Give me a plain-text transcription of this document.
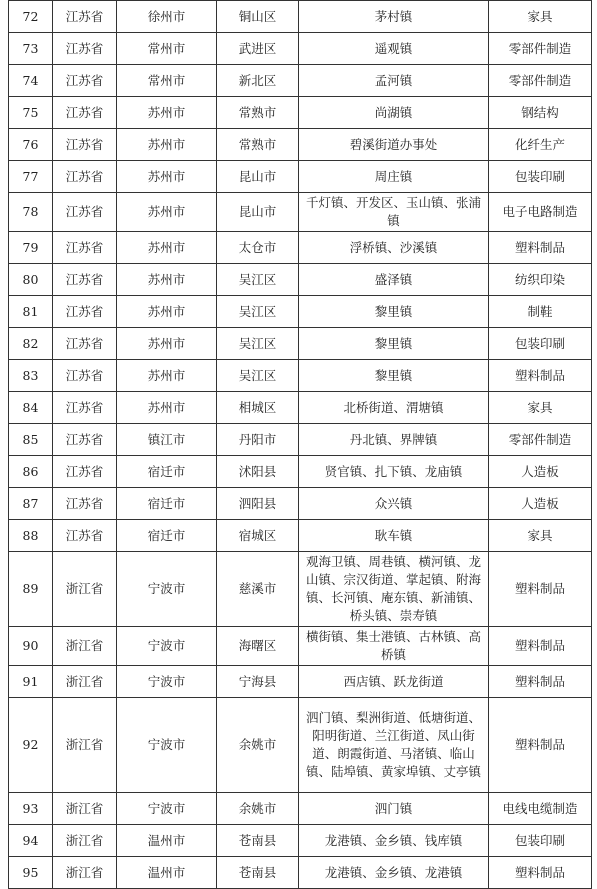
72	江苏省	徐州市	铜山区	茅村镇	家具
73	江苏省	常州市	武进区	遥观镇	零部件制造
74	江苏省	常州市	新北区	孟河镇	零部件制造
75	江苏省	苏州市	常熟市	尚湖镇	钢结构
76	江苏省	苏州市	常熟市	碧溪街道办事处	化纤生产
77	江苏省	苏州市	昆山市	周庄镇	包装印刷
78	江苏省	苏州市	昆山市	千灯镇、开发区、玉山镇、张浦镇	电子电路制造
79	江苏省	苏州市	太仓市	浮桥镇、沙溪镇	塑料制品
80	江苏省	苏州市	吴江区	盛泽镇	纺织印染
81	江苏省	苏州市	吴江区	黎里镇	制鞋
82	江苏省	苏州市	吴江区	黎里镇	包装印刷
83	江苏省	苏州市	吴江区	黎里镇	塑料制品
84	江苏省	苏州市	相城区	北桥街道、渭塘镇	家具
85	江苏省	镇江市	丹阳市	丹北镇、界牌镇	零部件制造
86	江苏省	宿迁市	沭阳县	贤官镇、扎下镇、龙庙镇	人造板
87	江苏省	宿迁市	泗阳县	众兴镇	人造板
88	江苏省	宿迁市	宿城区	耿车镇	家具
89	浙江省	宁波市	慈溪市	观海卫镇、周巷镇、横河镇、龙山镇、宗汉街道、掌起镇、附海镇、长河镇、庵东镇、新浦镇、桥头镇、崇寿镇	塑料制品
90	浙江省	宁波市	海曙区	横街镇、集士港镇、古林镇、高桥镇	塑料制品
91	浙江省	宁波市	宁海县	西店镇、跃龙街道	塑料制品
92	浙江省	宁波市	余姚市	泗门镇、梨洲街道、低塘街道、阳明街道、兰江街道、凤山街道、朗霞街道、马渚镇、临山镇、陆埠镇、黄家埠镇、丈亭镇	塑料制品
93	浙江省	宁波市	余姚市	泗门镇	电线电缆制造
94	浙江省	温州市	苍南县	龙港镇、金乡镇、钱库镇	包装印刷
95	浙江省	温州市	苍南县	龙港镇、金乡镇、龙港镇	塑料制品
